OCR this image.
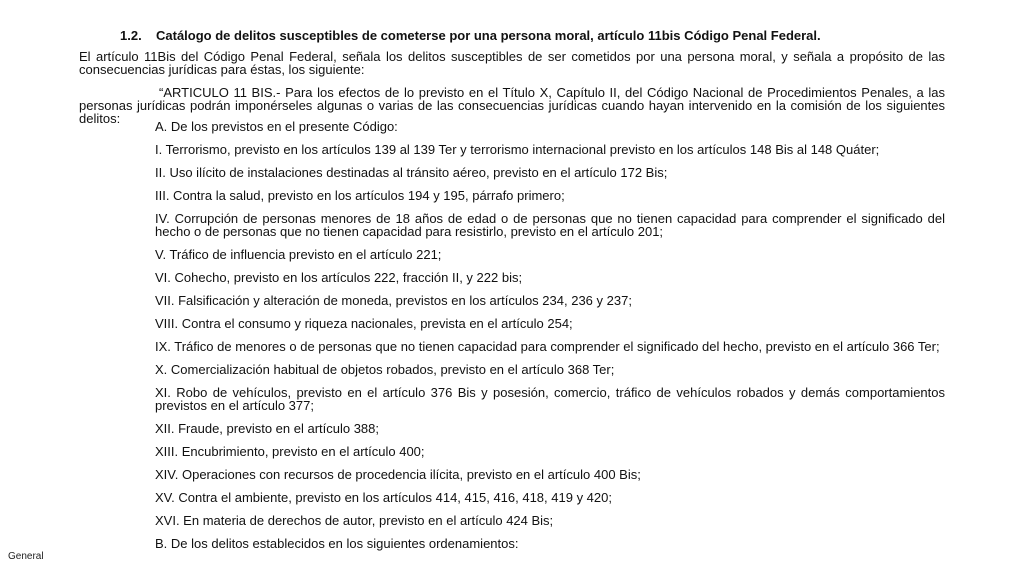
1.2. Catálogo de delitos susceptibles de cometerse por una persona moral, artículo 11bis Código Penal Federal.

El artículo 11Bis del Código Penal Federal, señala los delitos susceptibles de ser cometidos por una persona moral, y señala a propósito de las consecuencias jurídicas para éstas, los siguiente:

“ARTICULO 11 BIS.- Para los efectos de lo previsto en el Título X, Capítulo II, del Código Nacional de Procedimientos Penales, a las personas jurídicas podrán imponérseles algunas o varias de las consecuencias jurídicas cuando hayan intervenido en la comisión de los siguientes delitos:

A. De los previstos en el presente Código:
I. Terrorismo, previsto en los artículos 139 al 139 Ter y terrorismo internacional previsto en los artículos 148 Bis al 148 Quáter;
II. Uso ilícito de instalaciones destinadas al tránsito aéreo, previsto en el artículo 172 Bis;
III. Contra la salud, previsto en los artículos 194 y 195, párrafo primero;
IV. Corrupción de personas menores de 18 años de edad o de personas que no tienen capacidad para comprender el significado del hecho o de personas que no tienen capacidad para resistirlo, previsto en el artículo 201;
V. Tráfico de influencia previsto en el artículo 221;
VI. Cohecho, previsto en los artículos 222, fracción II, y 222 bis;
VII. Falsificación y alteración de moneda, previstos en los artículos 234, 236 y 237;
VIII. Contra el consumo y riqueza nacionales, prevista en el artículo 254;
IX. Tráfico de menores o de personas que no tienen capacidad para comprender el significado del hecho, previsto en el artículo 366 Ter;
X. Comercialización habitual de objetos robados, previsto en el artículo 368 Ter;
XI. Robo de vehículos, previsto en el artículo 376 Bis y posesión, comercio, tráfico de vehículos robados y demás comportamientos previstos en el artículo 377;
XII. Fraude, previsto en el artículo 388;
XIII. Encubrimiento, previsto en el artículo 400;
XIV. Operaciones con recursos de procedencia ilícita, previsto en el artículo 400 Bis;
XV. Contra el ambiente, previsto en los artículos 414, 415, 416, 418, 419 y 420;
XVI. En materia de derechos de autor, previsto en el artículo 424 Bis;
B. De los delitos establecidos en los siguientes ordenamientos:
General
